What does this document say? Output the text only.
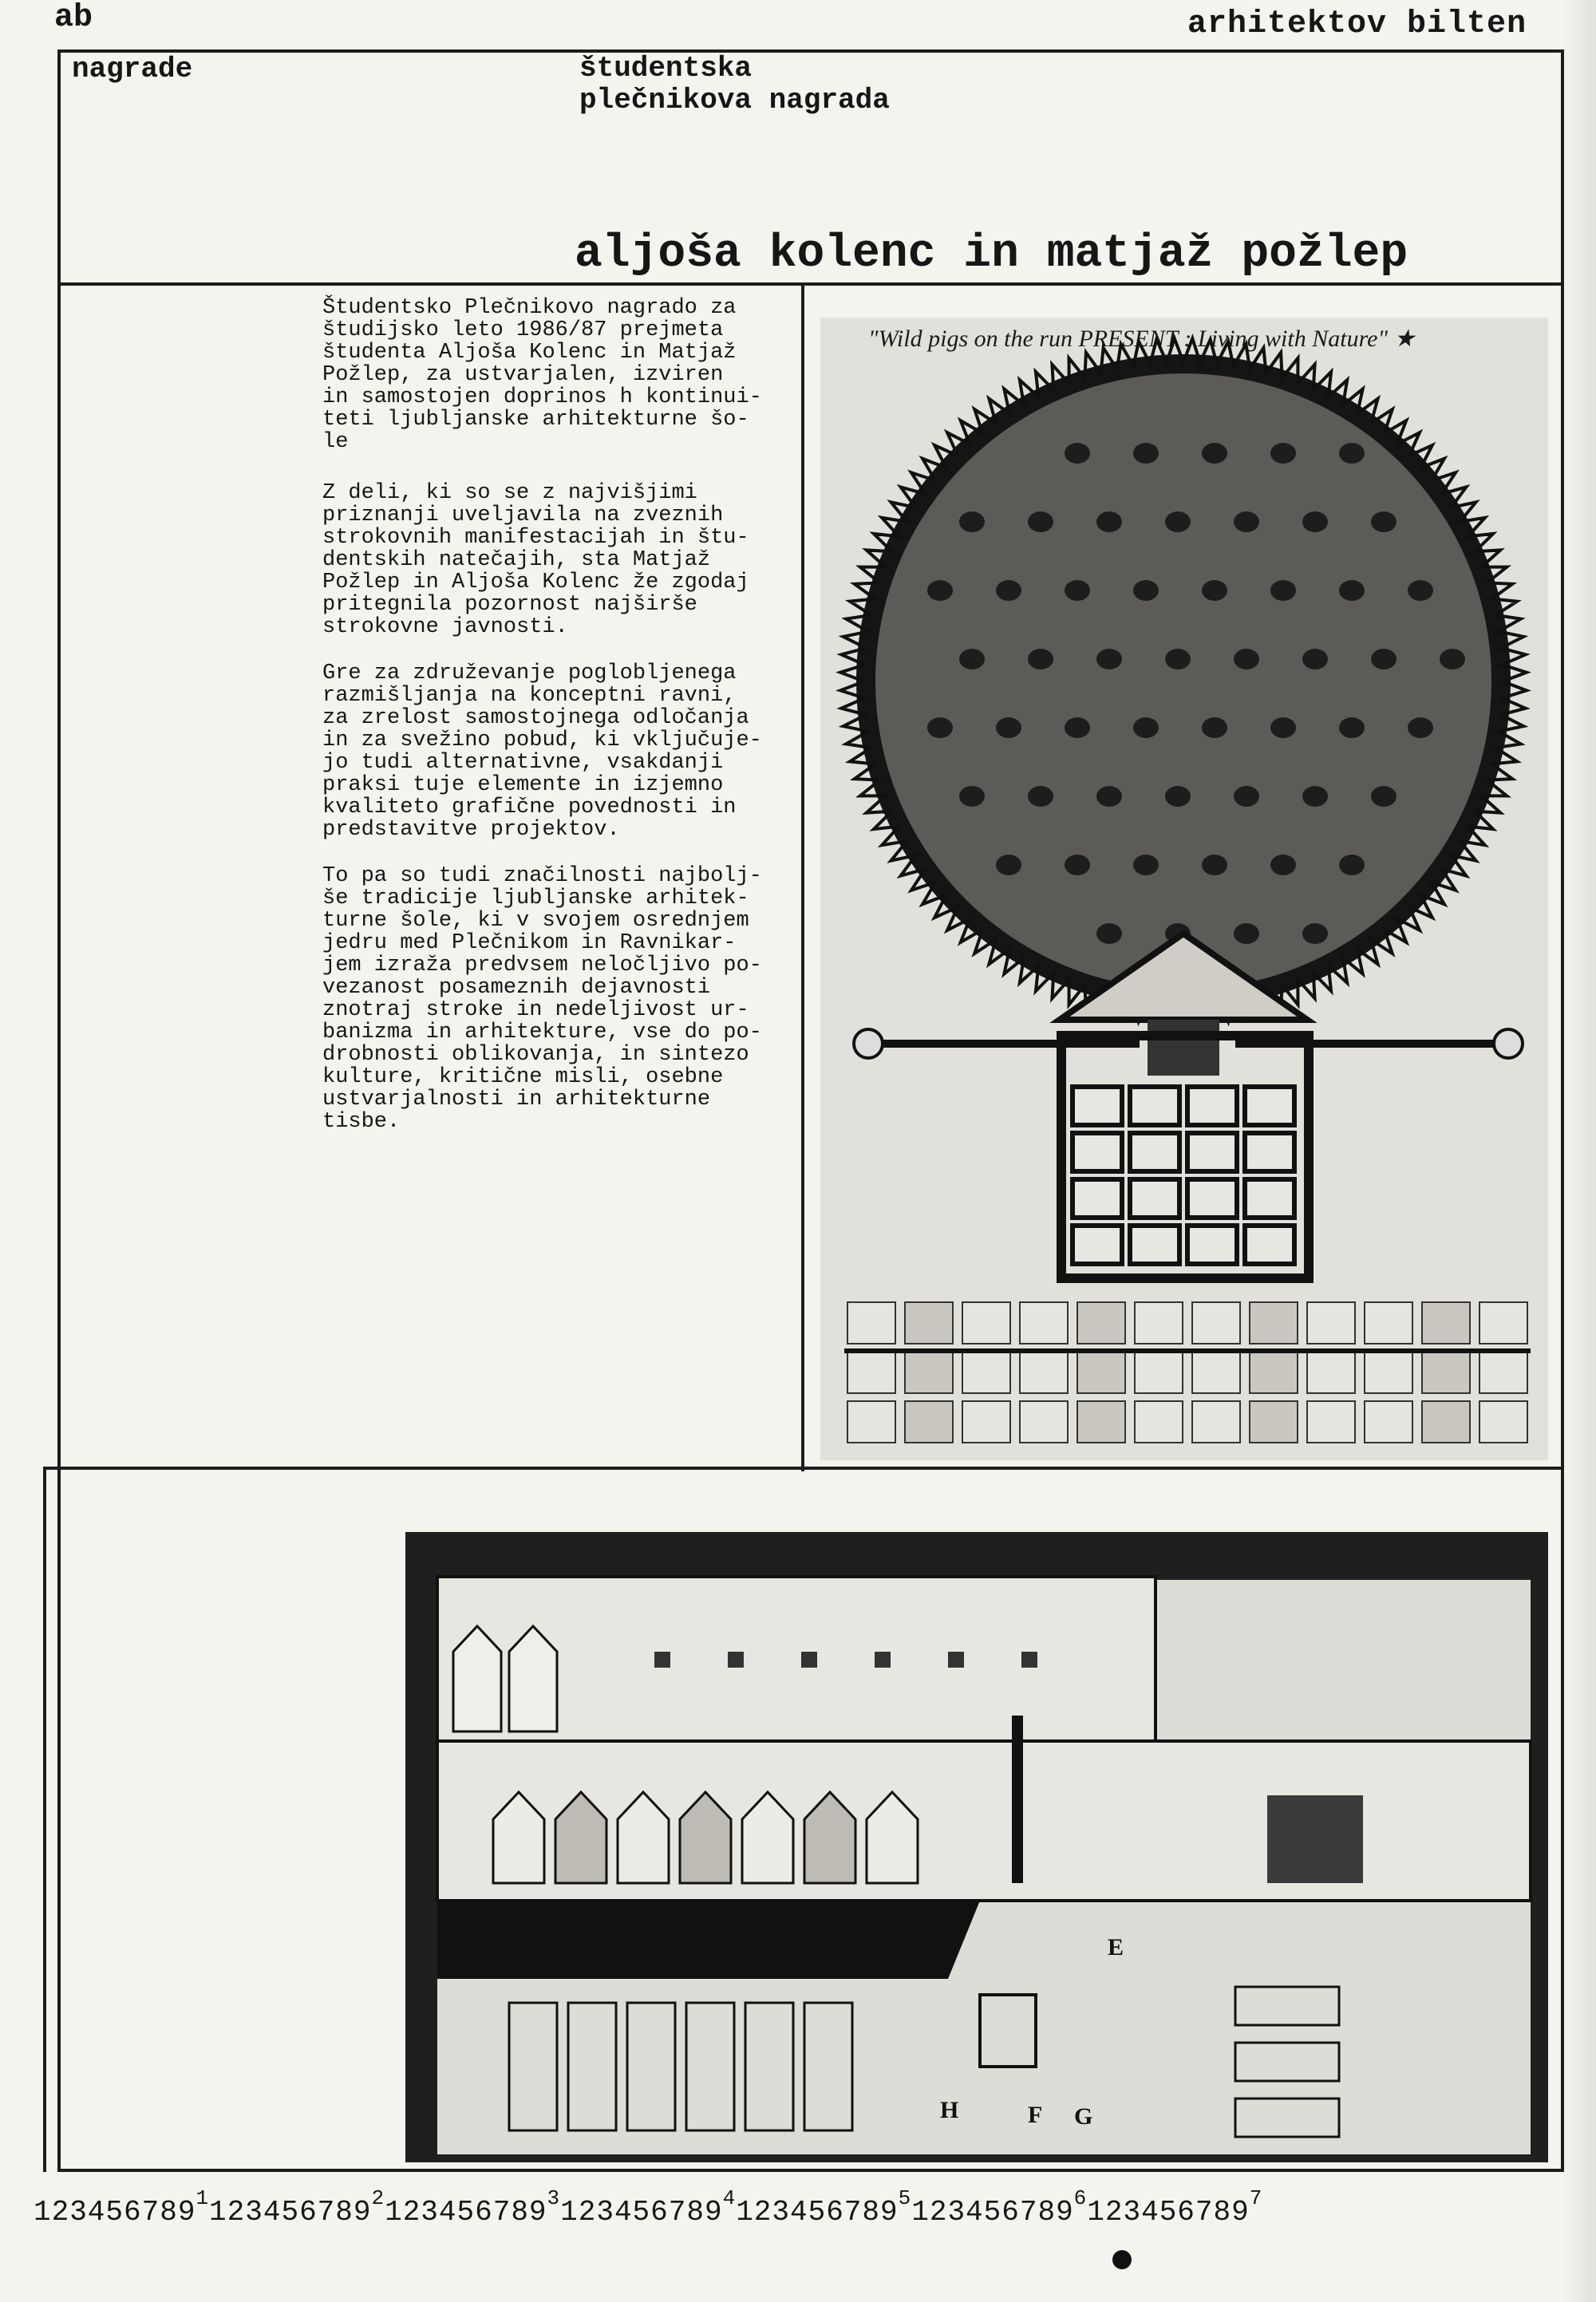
ab	arhitektov bilten
nagrade	študentska
plečnikova nagrada
aljoša kolenc in matjaž požlep

Študentsko Plečnikovo nagrado za
študijsko leto 1986/87 prejmeta
študenta Aljoša Kolenc in Matjaž
Požlep, za ustvarjalen, izviren
in samostojen doprinos h kontinui-
teti ljubljanske arhitekturne šo-
le

Z deli, ki so se z najvišjimi
priznanji uveljavila na zveznih
strokovnih manifestacijah in štu-
dentskih natečajih, sta Matjaž
Požlep in Aljoša Kolenc že zgodaj
pritegnila pozornost najširše
strokovne javnosti.

Gre za združevanje poglobljenega
razmišljanja na konceptni ravni,
za zrelost samostojnega odločanja
in za svežino pobud, ki vključuje-
jo tudi alternativne, vsakdanji
praksi tuje elemente in izjemno
kvaliteto grafične povednosti in
predstavitve projektov.

To pa so tudi značilnosti najbolj-
še tradicije ljubljanske arhitek-
turne šole, ki v svojem osrednjem
jedru med Plečnikom in Ravnikar-
jem izraža predvsem neločljivo po-
vezanost posameznih dejavnosti
znotraj stroke in nedeljivost ur-
banizma in arhitekture, vse do po-
drobnosti oblikovanja, in sintezo
kulture, kritične misli, osebne
ustvarjalnosti in arhitekturne
tisbe.

"Wild pigs on the run PRESENT : Living with Nature" ★
E
F G
H
123456789$^1$123456789$^2$123456789$^3$123456789$^4$123456789$^5$123456789$^6$123456789$^7$
